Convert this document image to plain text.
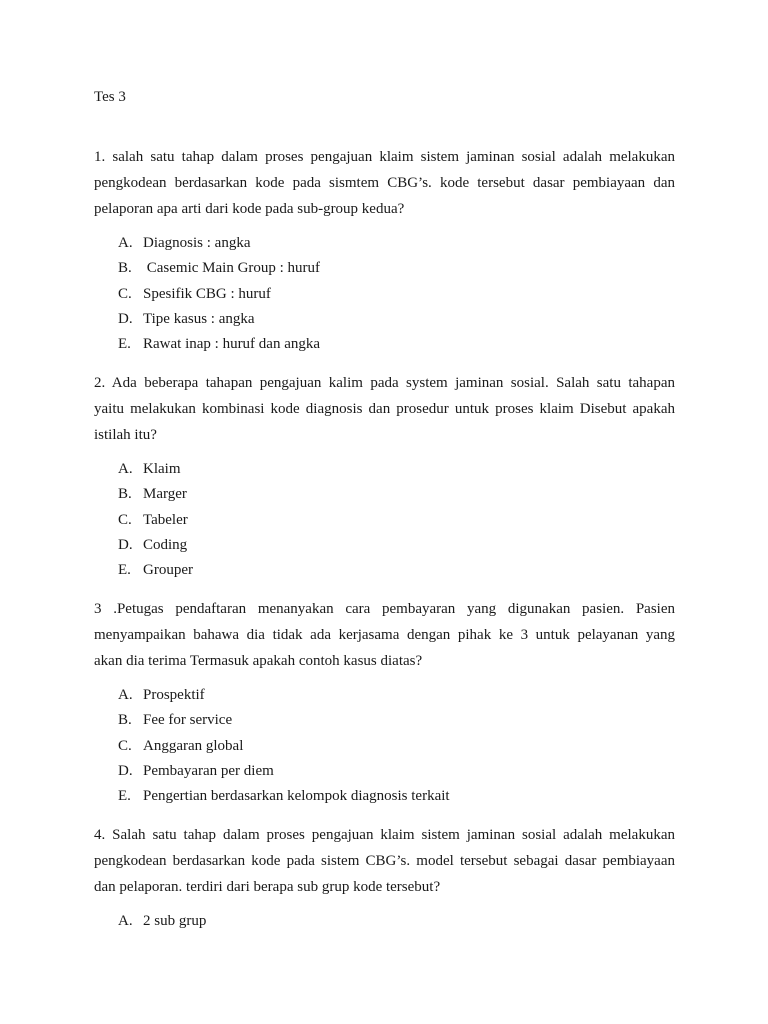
Tes 3
1. salah satu tahap dalam proses pengajuan klaim sistem jaminan sosial adalah melakukan
pengkodean berdasarkan kode pada sismtem CBG’s. kode tersebut dasar pembiayaan dan
pelaporan apa arti dari kode pada sub-group kedua?
A. Diagnosis : angka
B. Casemic Main Group : huruf
C. Spesifik CBG : huruf
D. Tipe kasus : angka
E. Rawat inap : huruf dan angka
2. Ada beberapa tahapan pengajuan kalim pada system jaminan sosial. Salah satu tahapan
yaitu melakukan kombinasi kode diagnosis dan prosedur untuk proses klaim Disebut apakah
istilah itu?
A. Klaim
B. Marger
C. Tabeler
D. Coding
E. Grouper
3 .Petugas pendaftaran menanyakan cara pembayaran yang digunakan pasien. Pasien
menyampaikan bahawa dia tidak ada kerjasama dengan pihak ke 3 untuk pelayanan yang
akan dia terima Termasuk apakah contoh kasus diatas?
A. Prospektif
B. Fee for service
C. Anggaran global
D. Pembayaran per diem
E. Pengertian berdasarkan kelompok diagnosis terkait
4. Salah satu tahap dalam proses pengajuan klaim sistem jaminan sosial adalah melakukan
pengkodean berdasarkan kode pada sistem CBG’s. model tersebut sebagai dasar pembiayaan
dan pelaporan. terdiri dari berapa sub grup kode tersebut?
A. 2 sub grup
